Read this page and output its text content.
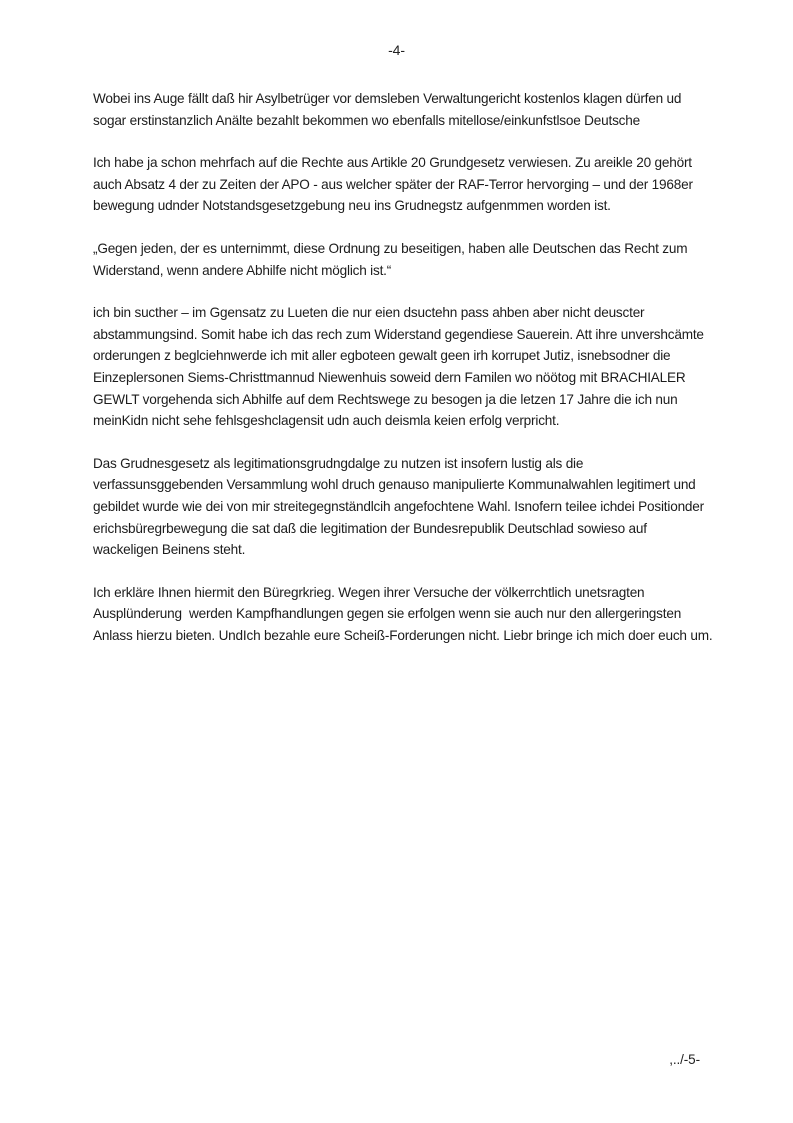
-4-

Wobei ins Auge fällt daß hir Asylbetrüger vor demsleben Verwaltungericht kostenlos klagen dürfen ud sogar erstinstanzlich Anälte bezahlt bekommen wo ebenfalls mitellose/einkunfstlsoe Deutsche

Ich habe ja schon mehrfach auf die Rechte aus Artikle 20 Grundgesetz verwiesen. Zu areikle 20 gehört auch Absatz 4 der zu Zeiten der APO - aus welcher später der RAF-Terror hervorging – und der 1968er bewegung udnder Notstandsgesetzgebung neu ins Grudnegstz aufgenmmen worden ist.

„Gegen jeden, der es unternimmt, diese Ordnung zu beseitigen, haben alle Deutschen das Recht zum Widerstand, wenn andere Abhilfe nicht möglich ist.“

ich bin sucther – im Ggensatz zu Lueten die nur eien dsuctehn pass ahben aber nicht deuscter abstammungsind. Somit habe ich das rech zum Widerstand gegendiese Sauerein. Att ihre unvershcämte orderungen z beglciehnwerde ich mit aller egboteen gewalt geen irh korrupet Jutiz, isnebsodner die Einzeplersonen Siems-Christtmannud Niewenhuis soweid dern Familen wo nöötog mit BRACHIALER GEWLT vorgehenda sich Abhilfe auf dem Rechtswege zu besogen ja die letzen 17 Jahre die ich nun meinKidn nicht sehe fehlsgeshclagensit udn auch deismla keien erfolg verpricht.

Das Grudnesgesetz als legitimationsgrudngdalge zu nutzen ist insofern lustig als die verfassunsggebenden Versammlung wohl druch genauso manipulierte Kommunalwahlen legitimert und gebildet wurde wie dei von mir streitegegnständlcih angefochtene Wahl. Isnofern teilee ichdei Positionder erichsbüregrbewegung die sat daß die legitimation der Bundesrepublik Deutschlad sowieso auf wackeligen Beinens steht.

Ich erkläre Ihnen hiermit den Büregrkrieg. Wegen ihrer Versuche der völkerrchtlich unetsragten Ausplünderung  werden Kampfhandlungen gegen sie erfolgen wenn sie auch nur den allergeringsten Anlass hierzu bieten. UndIch bezahle eure Scheiß-Forderungen nicht. Liebr bringe ich mich doer euch um.

,../-5-
